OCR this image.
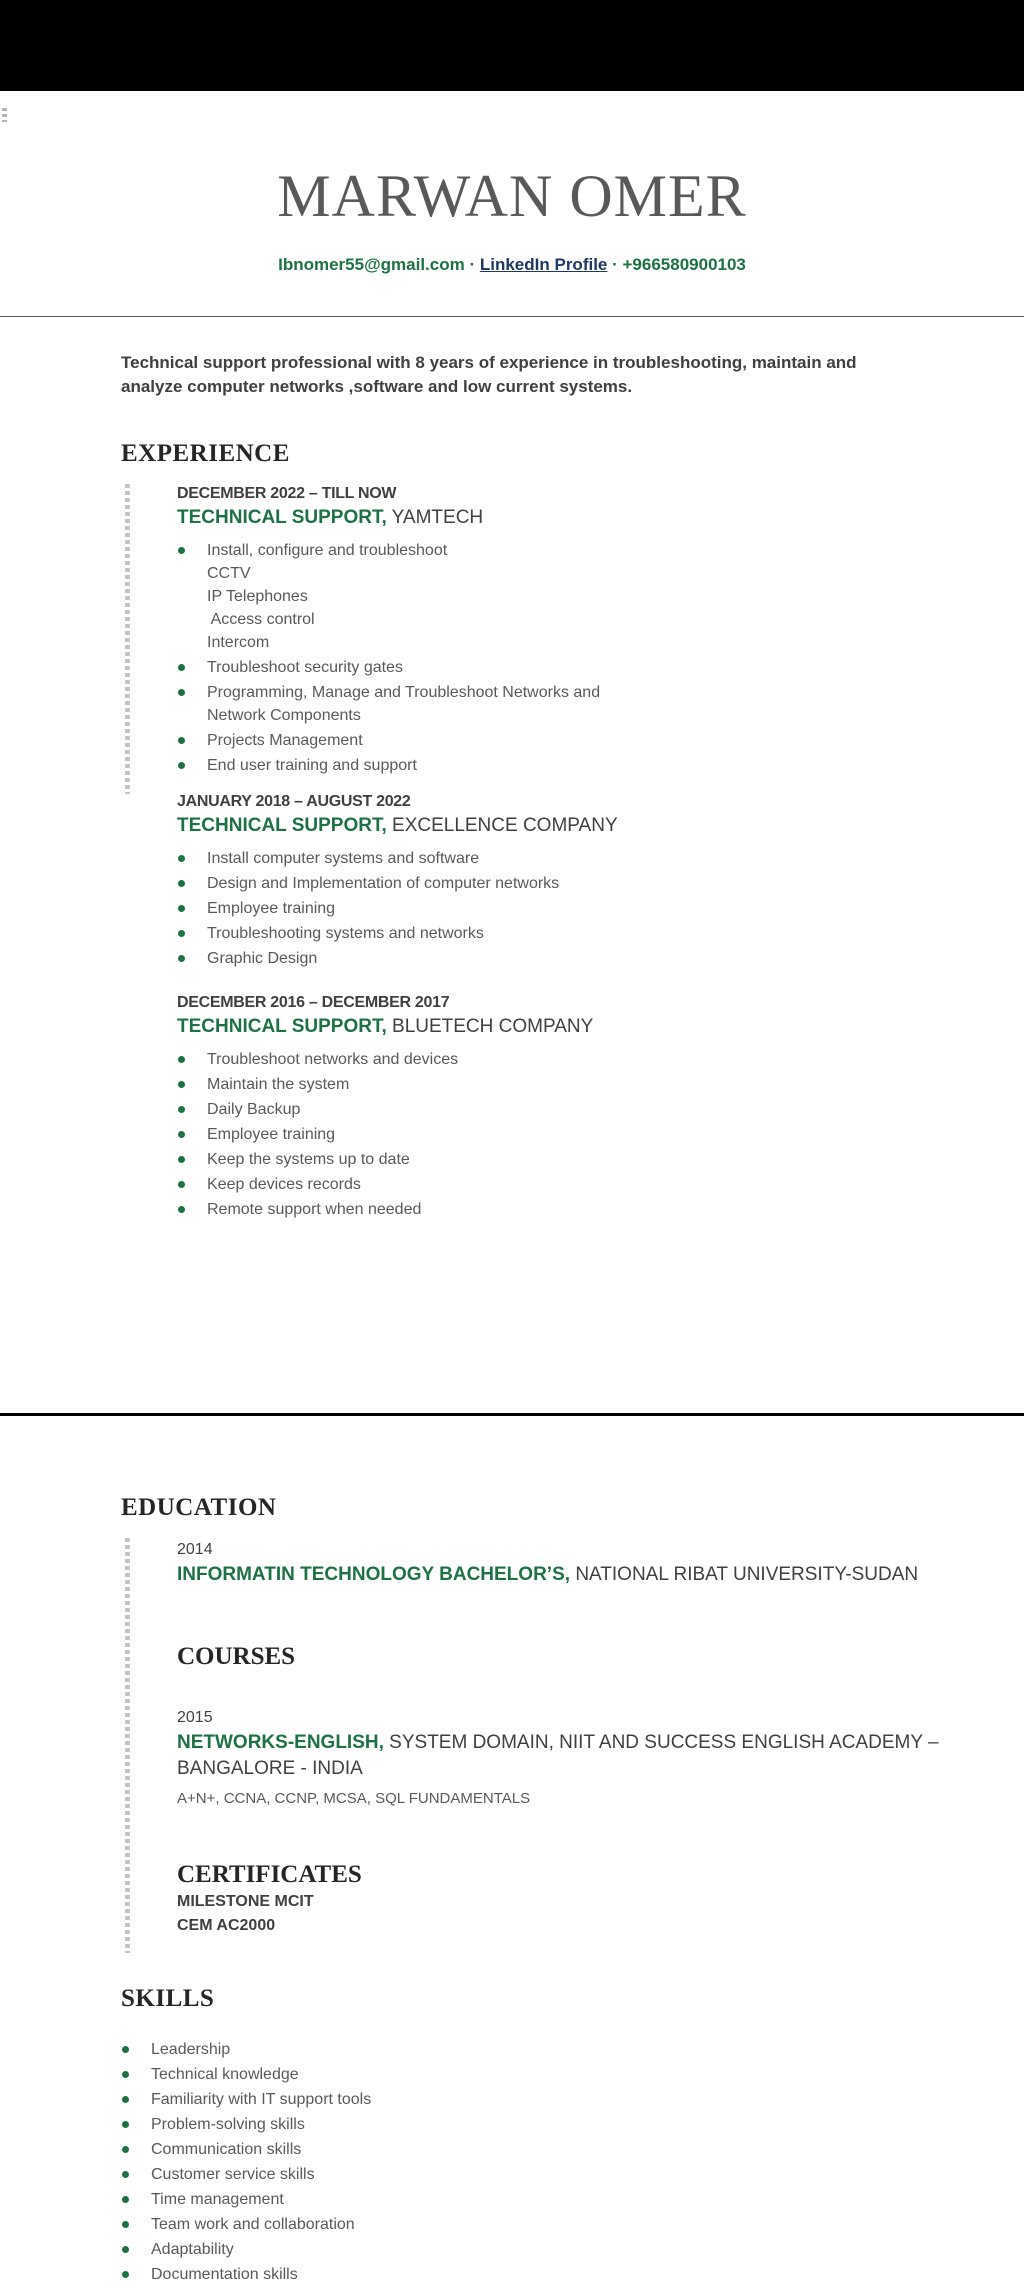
MARWAN OMER
Ibnomer55@gmail.com · LinkedIn Profile · +966580900103
Technical support professional with 8 years of experience in troubleshooting, maintain and analyze computer networks ,software and low current systems.
EXPERIENCE
DECEMBER 2022 – TILL NOW
TECHNICAL SUPPORT, YAMTECH
Install, configure and troubleshoot
CCTV
IP Telephones
Access control
Intercom
Troubleshoot security gates
Programming, Manage and Troubleshoot Networks and
Network Components
Projects Management
End user training and support
JANUARY 2018 – AUGUST 2022
TECHNICAL SUPPORT, EXCELLENCE COMPANY
Install computer systems and software
Design and Implementation of computer networks
Employee training
Troubleshooting systems and networks
Graphic Design
DECEMBER 2016 – DECEMBER 2017
TECHNICAL SUPPORT, BLUETECH COMPANY
Troubleshoot networks and devices
Maintain the system
Daily Backup
Employee training
Keep the systems up to date
Keep devices records
Remote support when needed
EDUCATION
2014
INFORMATIN TECHNOLOGY BACHELOR’S, NATIONAL RIBAT UNIVERSITY-SUDAN
COURSES
2015
NETWORKS-ENGLISH, SYSTEM DOMAIN, NIIT AND SUCCESS ENGLISH ACADEMY – BANGALORE - INDIA
A+N+, CCNA, CCNP, MCSA, SQL FUNDAMENTALS
CERTIFICATES
MILESTONE MCIT
CEM AC2000
SKILLS
Leadership
Technical knowledge
Familiarity with IT support tools
Problem-solving skills
Communication skills
Customer service skills
Time management
Team work and collaboration
Adaptability
Documentation skills
